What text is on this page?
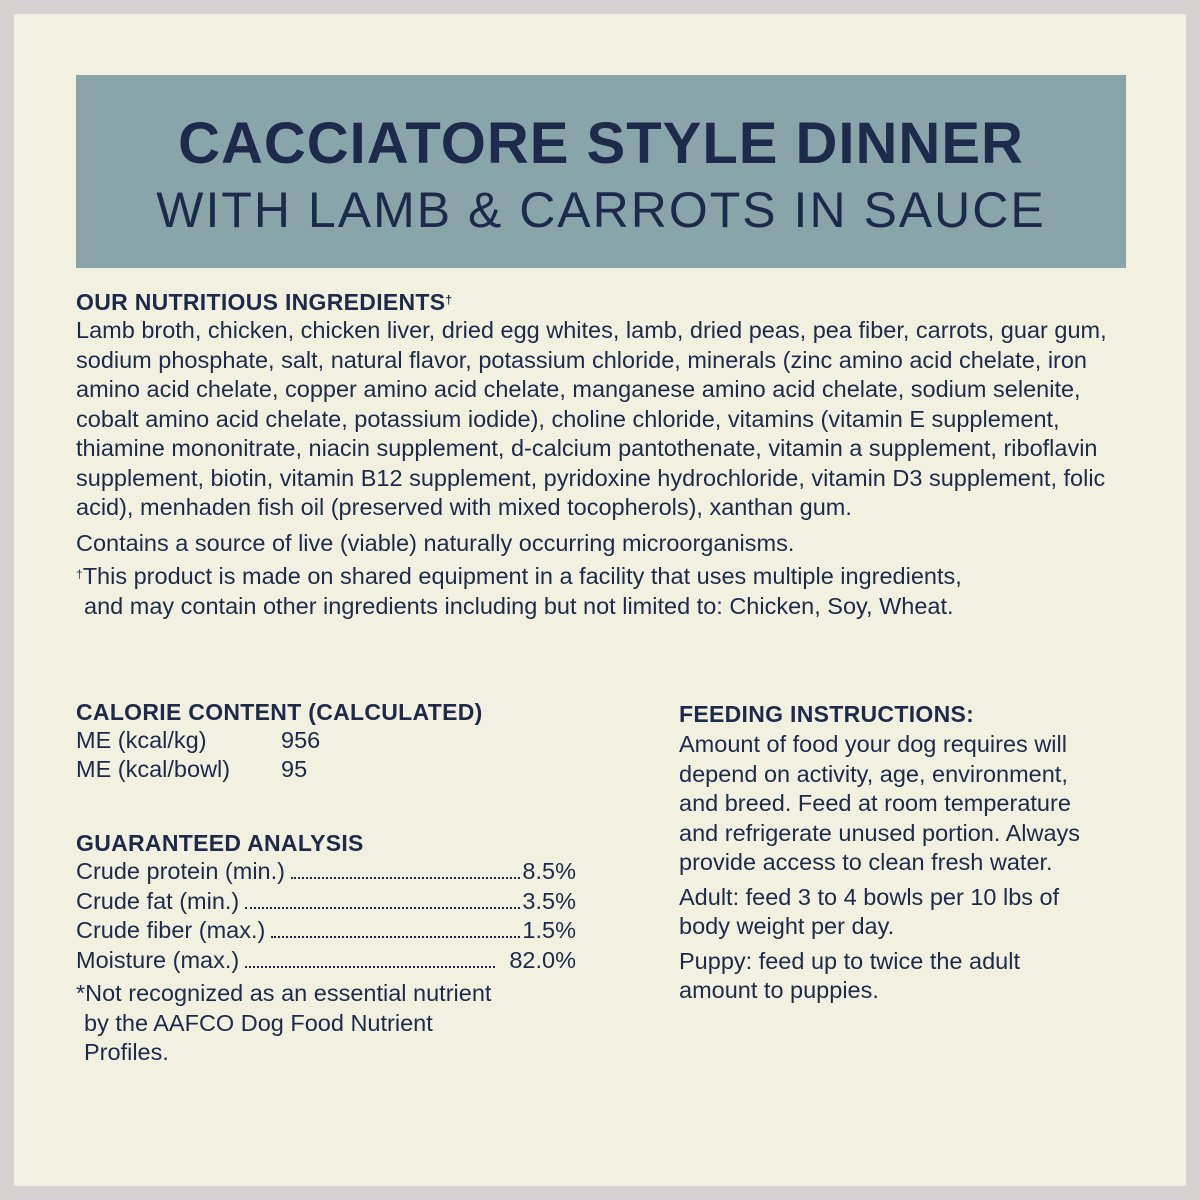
CACCIATORE STYLE DINNER
WITH LAMB & CARROTS IN SAUCE
OUR NUTRITIOUS INGREDIENTS†

Lamb broth, chicken, chicken liver, dried egg whites, lamb, dried peas, pea fiber, carrots, guar gum, sodium phosphate, salt, natural flavor, potassium chloride, minerals (zinc amino acid chelate, iron amino acid chelate, copper amino acid chelate, manganese amino acid chelate, sodium selenite, cobalt amino acid chelate, potassium iodide), choline chloride, vitamins (vitamin E supplement, thiamine mononitrate, niacin supplement, d-calcium pantothenate, vitamin a supplement, riboflavin supplement, biotin, vitamin B12 supplement, pyridoxine hydrochloride, vitamin D3 supplement, folic acid), menhaden fish oil (preserved with mixed tocopherols), xanthan gum.

Contains a source of live (viable) naturally occurring microorganisms.

†This product is made on shared equipment in a facility that uses multiple ingredients,
and may contain other ingredients including but not limited to: Chicken, Soy, Wheat.

CALORIE CONTENT (CALCULATED)
ME (kcal/kg)	956
ME (kcal/bowl)	95
GUARANTEED ANALYSIS
Crude protein (min.)	8.5%
Crude fat (min.)	3.5%
Crude fiber (max.)	1.5%
Moisture (max.)	82.0%
*Not recognized as an essential nutrient
by the AAFCO Dog Food Nutrient
Profiles.
FEEDING INSTRUCTIONS:

Amount of food your dog requires will depend on activity, age, environment, and breed. Feed at room temperature and refrigerate unused portion. Always provide access to clean fresh water.

Adult: feed 3 to 4 bowls per 10 lbs of body weight per day.

Puppy: feed up to twice the adult amount to puppies.
